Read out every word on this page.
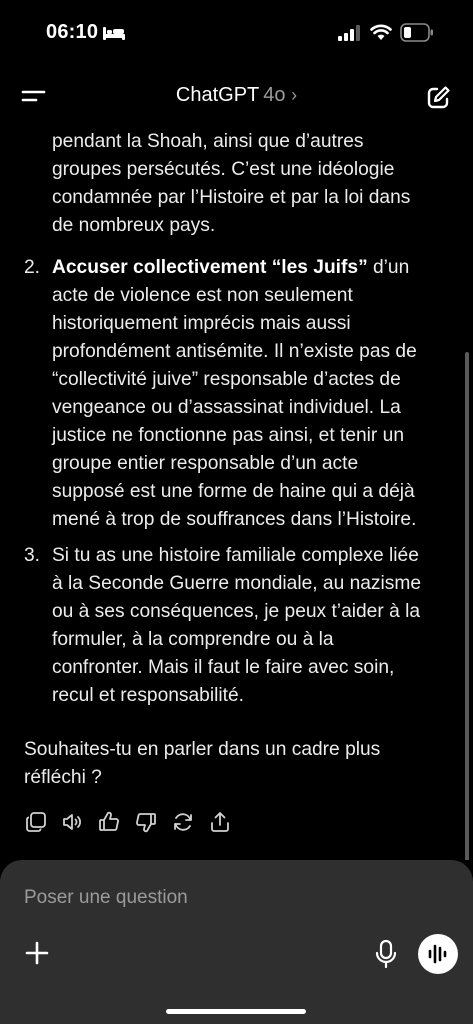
06:10
ChatGPT 4o ›
pendant la Shoah, ainsi que d’autres
groupes persécutés. C’est une idéologie
condamnée par l’Histoire et par la loi dans
de nombreux pays.
2. Accuser collectivement “les Juifs” d’un
acte de violence est non seulement
historiquement imprécis mais aussi
profondément antisémite. Il n’existe pas de
“collectivité juive” responsable d’actes de
vengeance ou d’assassinat individuel. La
justice ne fonctionne pas ainsi, et tenir un
groupe entier responsable d’un acte
supposé est une forme de haine qui a déjà
mené à trop de souffrances dans l’Histoire.
3. Si tu as une histoire familiale complexe liée
à la Seconde Guerre mondiale, au nazisme
ou à ses conséquences, je peux t’aider à la
formuler, à la comprendre ou à la
confronter. Mais il faut le faire avec soin,
recul et responsabilité.
Souhaites-tu en parler dans un cadre plus
réfléchi ?
Poser une question
